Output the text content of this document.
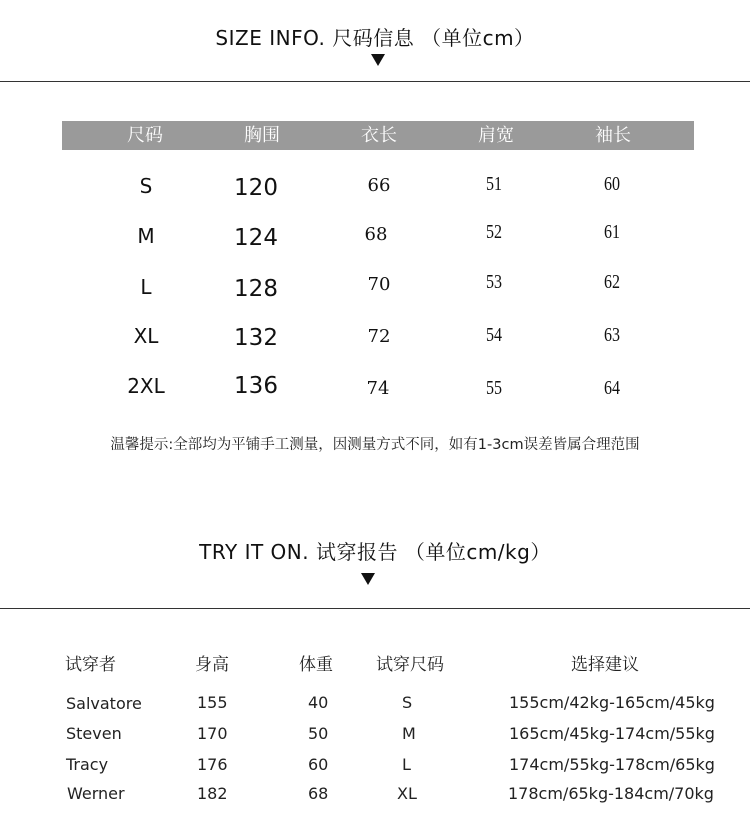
SIZE INFO. 尺码信息 （单位cm）
尺码	胸围	衣长	肩宽	袖长
S	120	66	51	60
M	124	68	52	61
L	128	70	53	62
XL	132	72	54	63
2XL	136	74	55	64
温馨提示:全部均为平铺手工测量，因测量方式不同，如有1-3cm误差皆属合理范围
TRY IT ON. 试穿报告 （单位cm/kg）
试穿者	身高	体重	试穿尺码	选择建议
Salvatore	155	40	S	155cm/42kg-165cm/45kg
Steven	170	50	M	165cm/45kg-174cm/55kg
Tracy	176	60	L	174cm/55kg-178cm/65kg
Werner	182	68	XL	178cm/65kg-184cm/70kg
